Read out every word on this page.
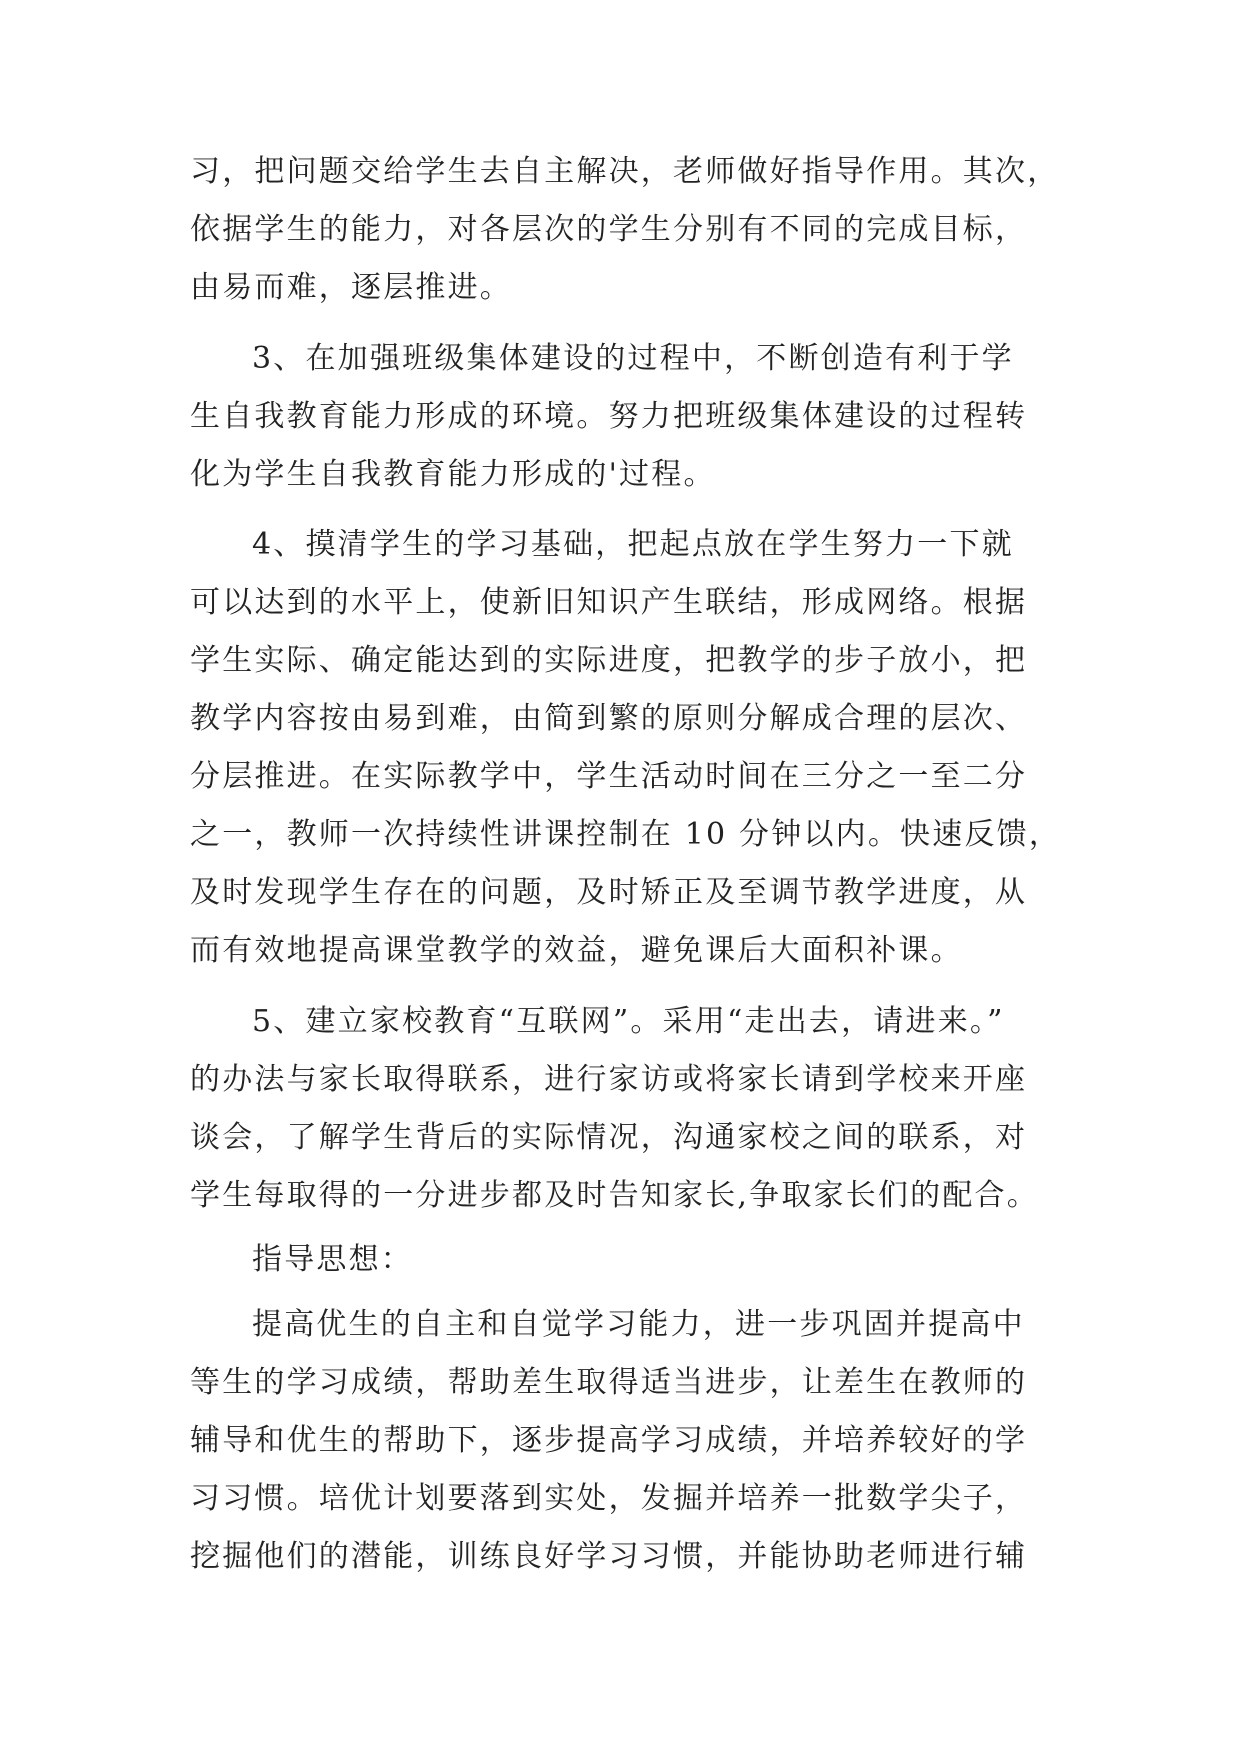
习，把问题交给学生去自主解决，老师做好指导作用。其次，
依据学生的能力，对各层次的学生分别有不同的完成目标，
由易而难，逐层推进。
3、在加强班级集体建设的过程中，不断创造有利于学
生自我教育能力形成的环境。努力把班级集体建设的过程转
化为学生自我教育能力形成的'过程。
4、摸清学生的学习基础，把起点放在学生努力一下就
可以达到的水平上，使新旧知识产生联结，形成网络。根据
学生实际、确定能达到的实际进度，把教学的步子放小，把
教学内容按由易到难，由简到繁的原则分解成合理的层次、
分层推进。在实际教学中，学生活动时间在三分之一至二分
之一，教师一次持续性讲课控制在 10 分钟以内。快速反馈，
及时发现学生存在的问题，及时矫正及至调节教学进度，从
而有效地提高课堂教学的效益，避免课后大面积补课。
5、建立家校教育“互联网”。采用“走出去，请进来。”
的办法与家长取得联系，进行家访或将家长请到学校来开座
谈会，了解学生背后的实际情况，沟通家校之间的联系，对
学生每取得的一分进步都及时告知家长,争取家长们的配合。
指导思想：
提高优生的自主和自觉学习能力，进一步巩固并提高中
等生的学习成绩，帮助差生取得适当进步，让差生在教师的
辅导和优生的帮助下，逐步提高学习成绩，并培养较好的学
习习惯。培优计划要落到实处，发掘并培养一批数学尖子，
挖掘他们的潜能，训练良好学习习惯，并能协助老师进行辅
